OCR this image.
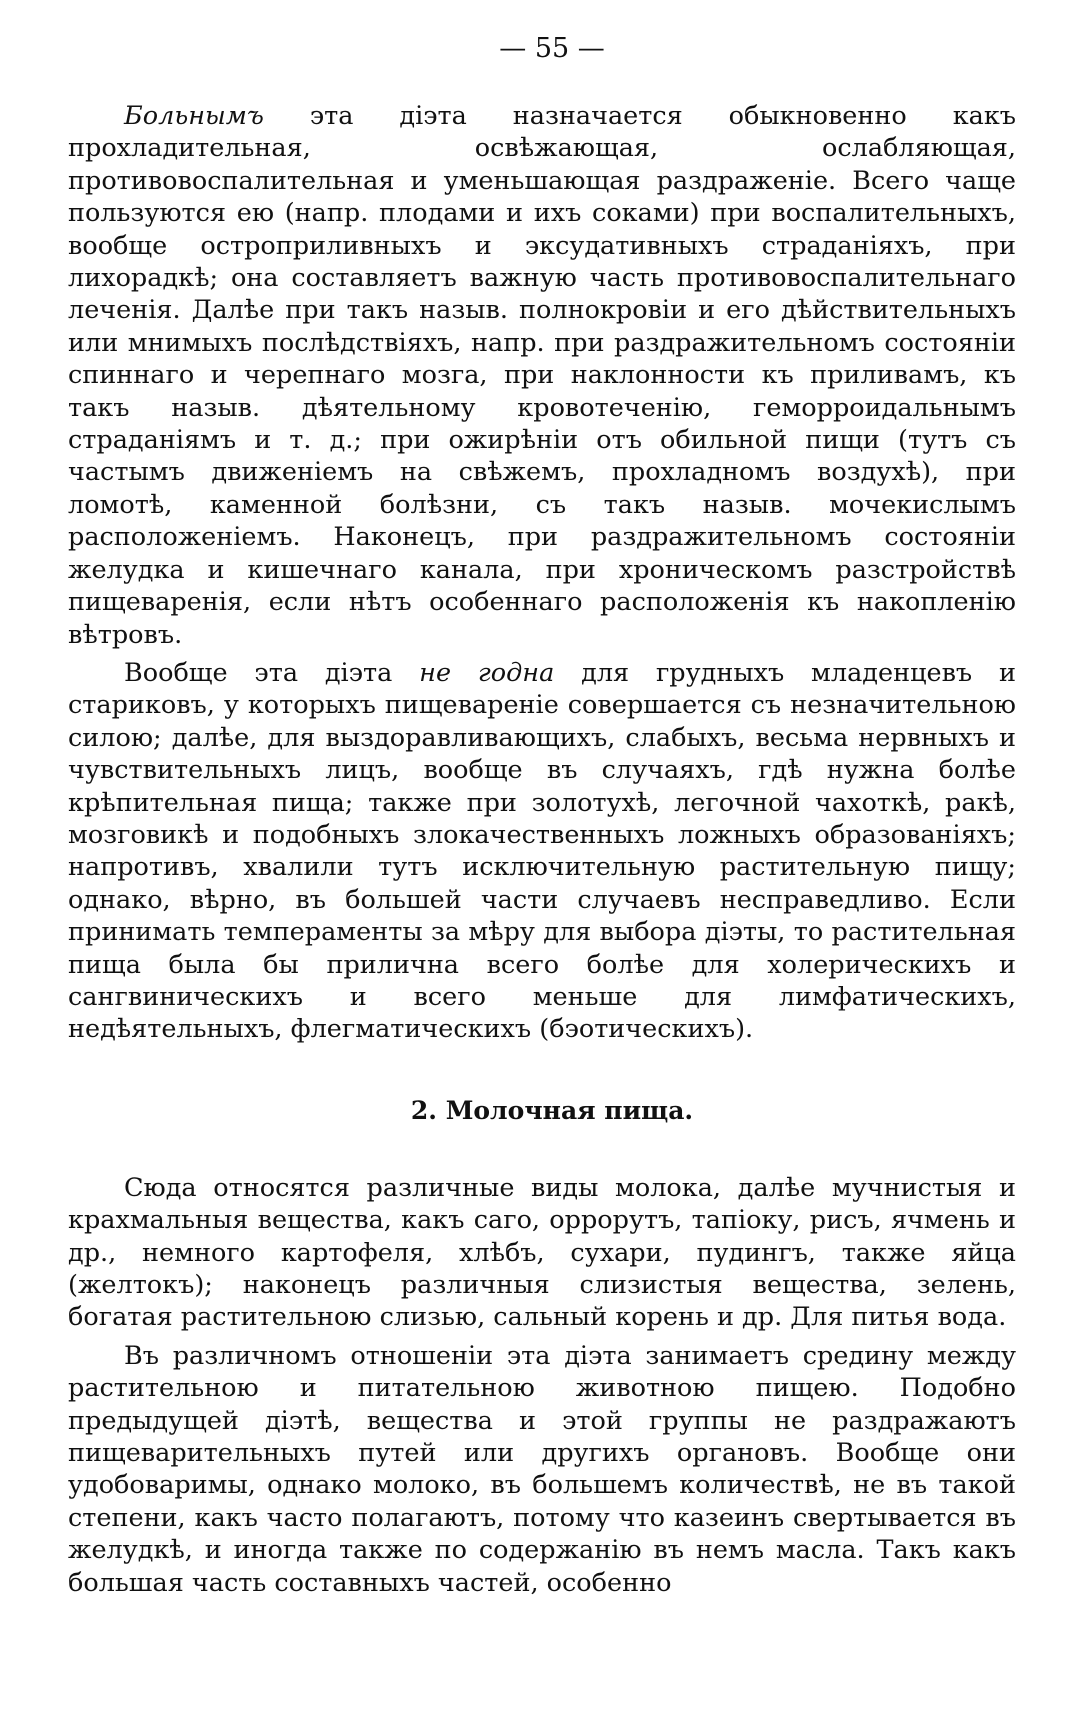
— 55 —

Больнымъ эта діэта назначается обыкновенно какъ прохладительная, освѣжающая, ослабляющая, противовоспалительная и уменьшающая раздраженіе. Всего чаще пользуются ею (напр. плодами и ихъ соками) при воспалительныхъ, вообще остроприливныхъ и эксудативныхъ страданіяхъ, при лихорадкѣ; она составляетъ важную часть противовоспалительнаго леченія. Далѣе при такъ назыв. полнокровіи и его дѣйствительныхъ или мнимыхъ послѣдствіяхъ, напр. при раздражительномъ состояніи спиннаго и черепнаго мозга, при наклонности къ приливамъ, къ такъ назыв. дѣятельному кровотеченію, геморроидальнымъ страданіямъ и т. д.; при ожирѣніи отъ обильной пищи (тутъ съ частымъ движеніемъ на свѣжемъ, прохладномъ воздухѣ), при ломотѣ, каменной болѣзни, съ такъ назыв. мочекислымъ расположеніемъ. Наконецъ, при раздражительномъ состояніи желудка и кишечнаго канала, при хроническомъ разстройствѣ пищеваренія, если нѣтъ особеннаго расположенія къ накопленію вѣтровъ.

Вообще эта діэта не годна для грудныхъ младенцевъ и стариковъ, у которыхъ пищевареніе совершается съ незначительною силою; далѣе, для выздоравливающихъ, слабыхъ, весьма нервныхъ и чувствительныхъ лицъ, вообще въ случаяхъ, гдѣ нужна болѣе крѣпительная пища; также при золотухѣ, легочной чахоткѣ, ракѣ, мозговикѣ и подобныхъ злокачественныхъ ложныхъ образованіяхъ; напротивъ, хвалили тутъ исключительную растительную пищу; однако, вѣрно, въ большей части случаевъ несправедливо. Если принимать темпераменты за мѣру для выбора діэты, то растительная пища была бы прилична всего болѣе для холерическихъ и сангвиническихъ и всего меньше для лимфатическихъ, недѣятельныхъ, флегматическихъ (бэотическихъ).

2. Молочная пища.

Сюда относятся различные виды молока, далѣе мучнистыя и крахмальныя вещества, какъ саго, оррорутъ, тапіоку, рисъ, ячмень и др., немного картофеля, хлѣбъ, сухари, пудингъ, также яйца (желтокъ); наконецъ различныя слизистыя вещества, зелень, богатая растительною слизью, сальный корень и др. Для питья вода.

Въ различномъ отношеніи эта діэта занимаетъ средину между растительною и питательною животною пищею. Подобно предыдущей діэтѣ, вещества и этой группы не раздражаютъ пищеварительныхъ путей или другихъ органовъ. Вообще они удобоваримы, однако молоко, въ большемъ количествѣ, не въ такой степени, какъ часто полагаютъ, потому что казеинъ свертывается въ желудкѣ, и иногда также по содержанію въ немъ масла. Такъ какъ большая часть составныхъ частей, особенно
